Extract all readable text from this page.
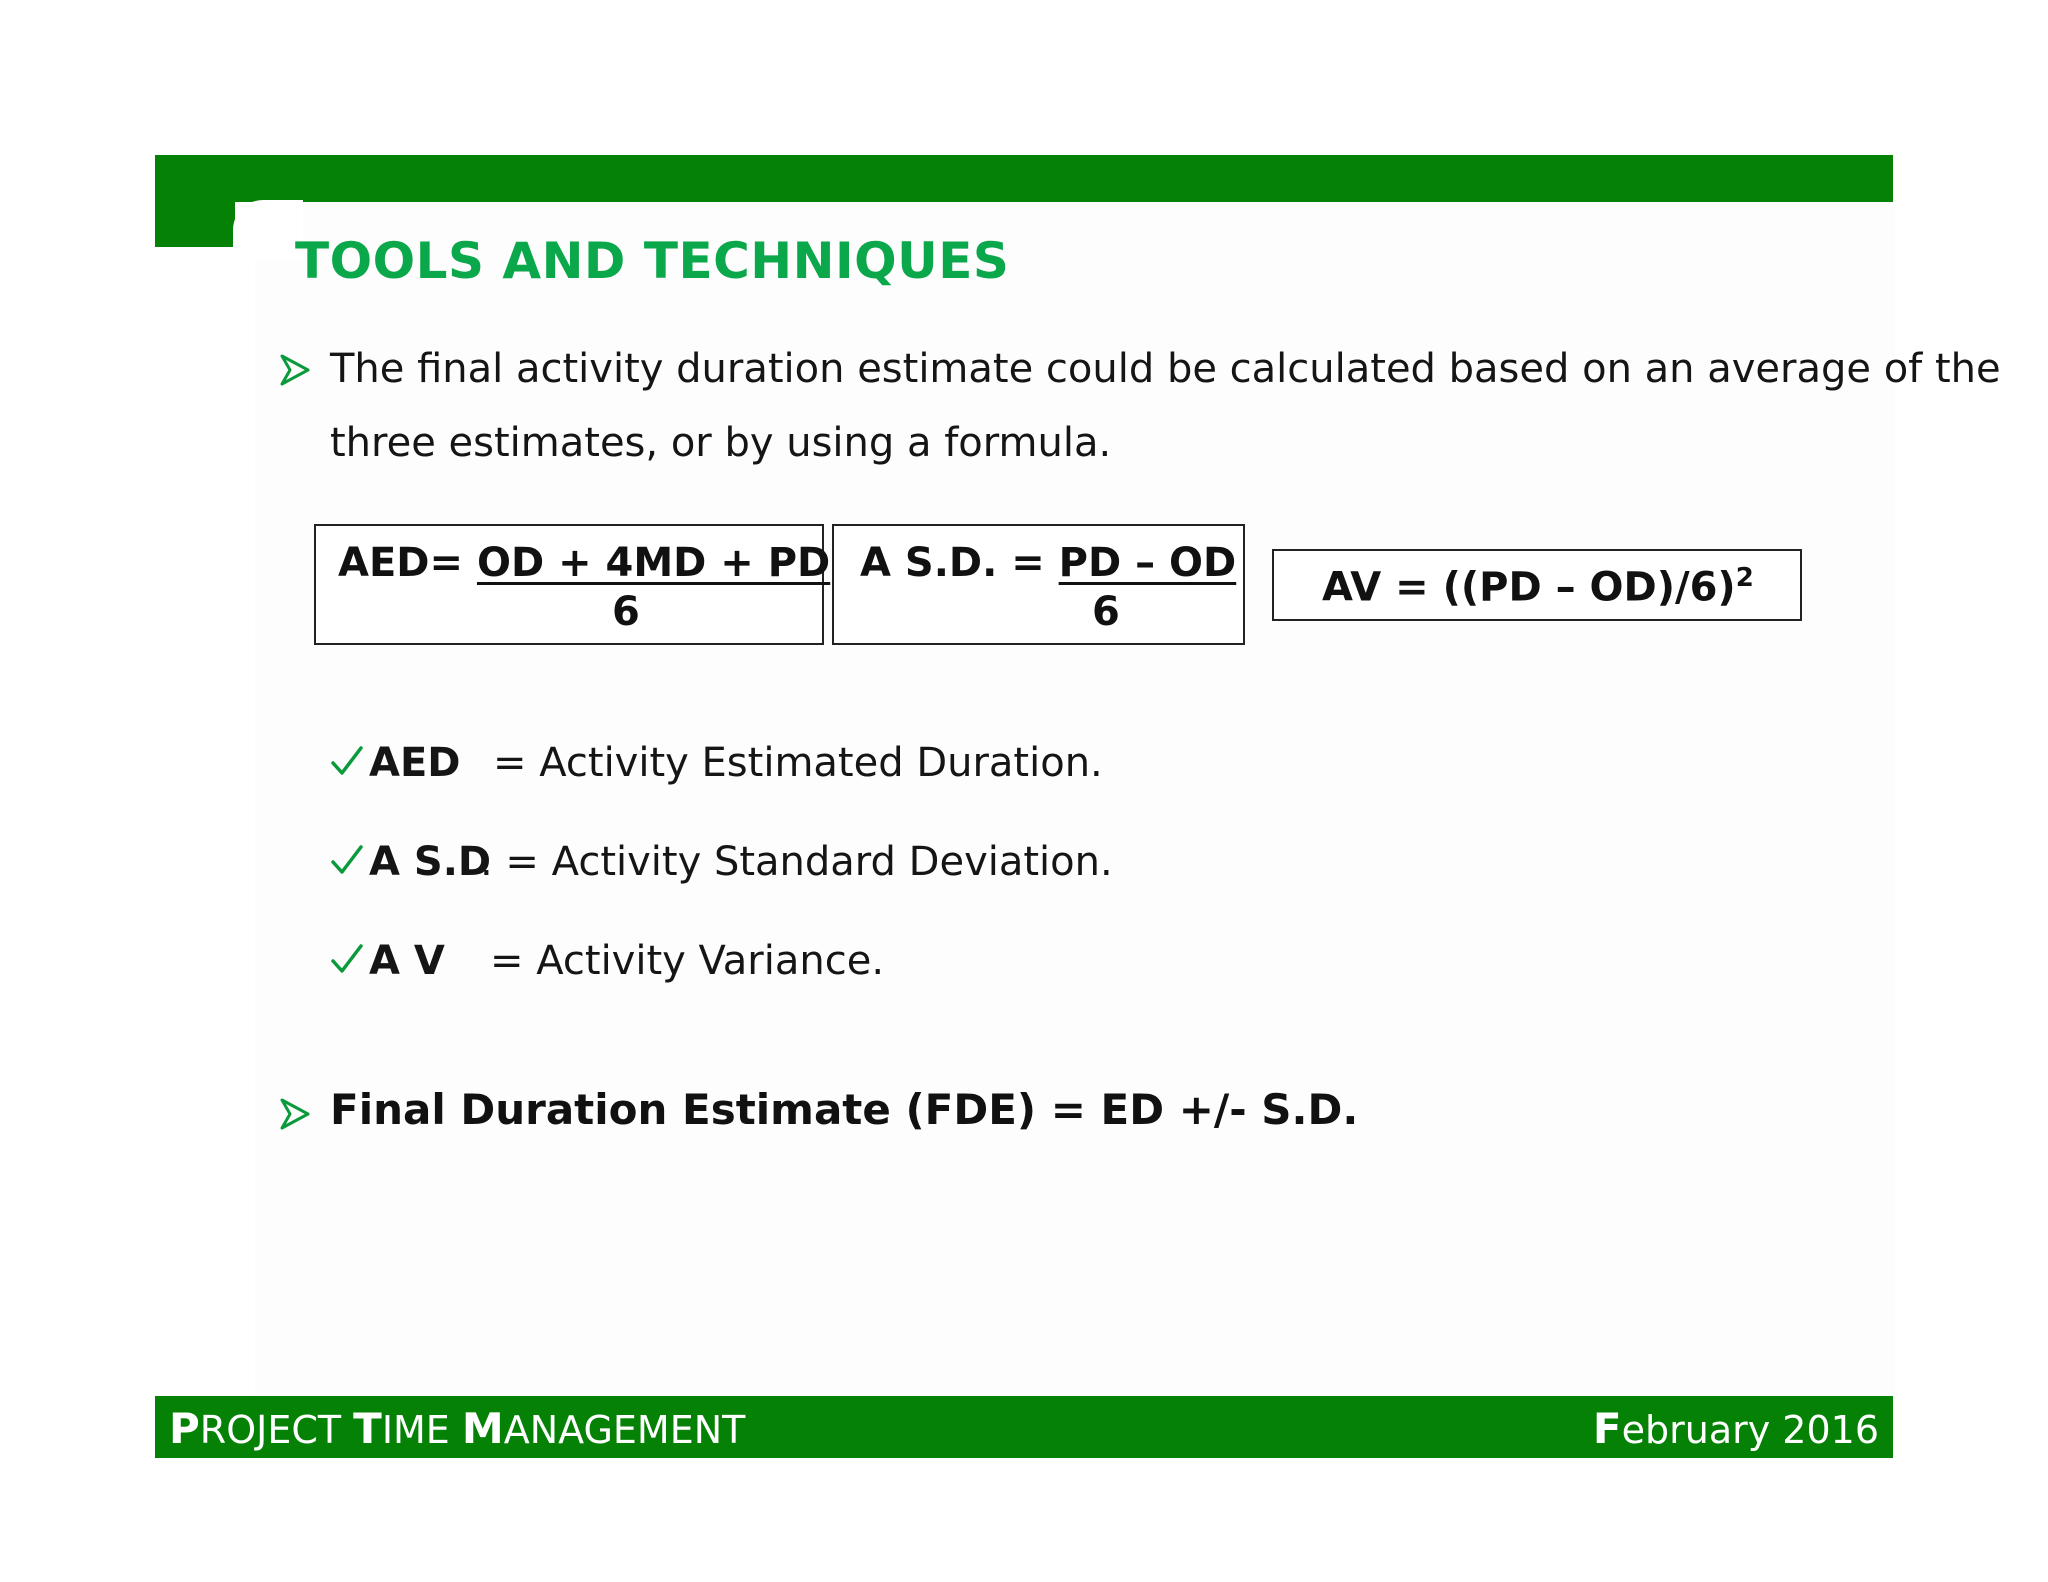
TOOLS AND TECHNIQUES
The final activity duration estimate could be calculated based on an average of the
three estimates, or by using a formula.
AED= OD + 4MD + PD
6
A S.D. = PD – OD
6
AV = ((PD – OD)/6)$^2$
AED = Activity Estimated Duration.
A S.D
. = Activity Standard Deviation.
A V = Activity Variance.
Final Duration Estimate (FDE) = ED +/- S.D.
PROJECT TIME MANAGEMENT	February 2016
